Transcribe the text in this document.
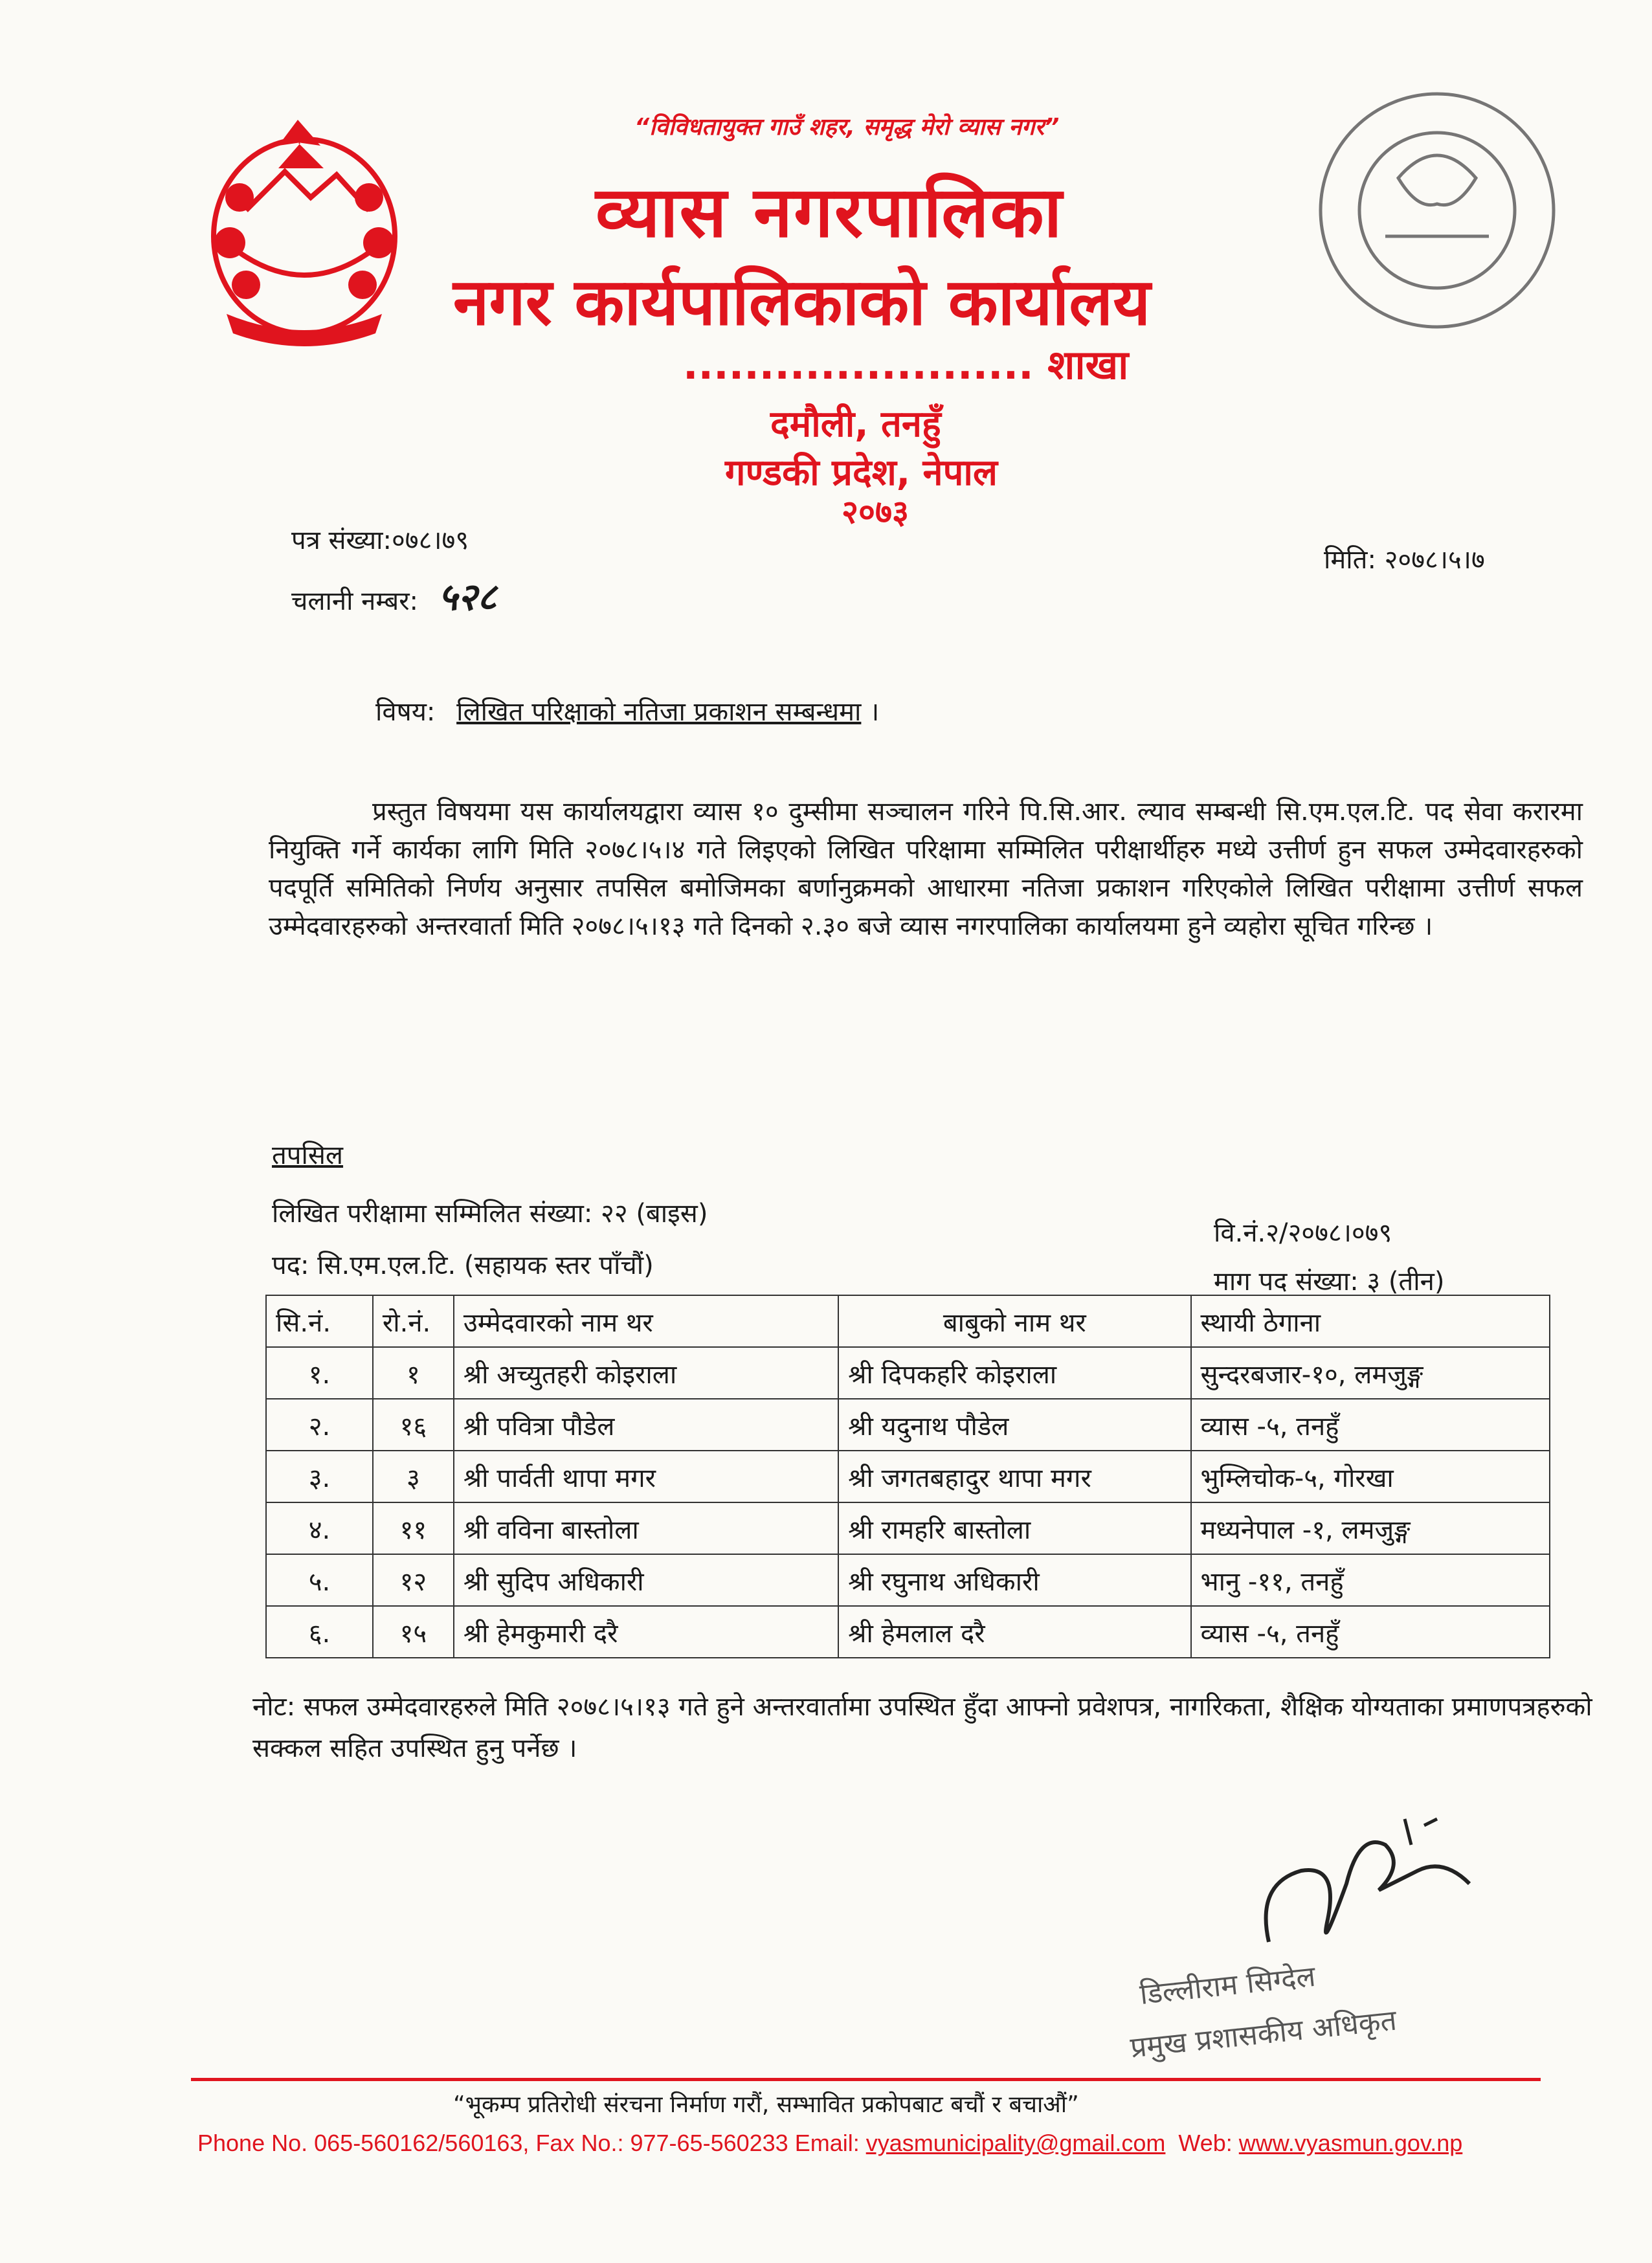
“विविधतायुक्त गाउँ शहर, समृद्ध मेरो व्यास नगर”
व्यास नगरपालिका
नगर कार्यपालिकाको कार्यालय
....................... शाखा
दमौली, तनहुँ
गण्डकी प्रदेश, नेपाल
२०७३
पत्र संख्या:०७८।७९
चलानी नम्बर: ५२८
मिति: २०७८।५।७
विषय: लिखित परिक्षाको नतिजा प्रकाशन सम्बन्धमा ।
प्रस्तुत विषयमा यस कार्यालयद्वारा व्यास १० दुम्सीमा सञ्चालन गरिने पि.सि.आर. ल्याव सम्बन्धी सि.एम.एल.टि. पद सेवा करारमा नियुक्ति गर्ने कार्यका लागि मिति २०७८।५।४ गते लिइएको लिखित परिक्षामा सम्मिलित परीक्षार्थीहरु मध्ये उत्तीर्ण हुन सफल उम्मेदवारहरुको पदपूर्ति समितिको निर्णय अनुसार तपसिल बमोजिमका बर्णानुक्रमको आधारमा नतिजा प्रकाशन गरिएकोले लिखित परीक्षामा उत्तीर्ण सफल उम्मेदवारहरुको अन्तरवार्ता मिति २०७८।५।१३ गते दिनको २.३० बजे व्यास नगरपालिका कार्यालयमा हुने व्यहोरा सूचित गरिन्छ ।
तपसिल
लिखित परीक्षामा सम्मिलित संख्या: २२ (बाइस)
पद: सि.एम.एल.टि. (सहायक स्तर पाँचौं)
वि.नं.२/२०७८।०७९
माग पद संख्या: ३ (तीन)
सि.नं.	रो.नं.	उम्मेदवारको नाम थर	बाबुको नाम थर	स्थायी ठेगाना
१.	१	श्री अच्युतहरी कोइराला	श्री दिपकहरि कोइराला	सुन्दरबजार-१०, लमजुङ्ग
२.	१६	श्री पवित्रा पौडेल	श्री यदुनाथ पौडेल	व्यास -५, तनहुँ
३.	३	श्री पार्वती थापा मगर	श्री जगतबहादुर थापा मगर	भुम्लिचोक-५, गोरखा
४.	११	श्री वविना बास्तोला	श्री रामहरि बास्तोला	मध्यनेपाल -१, लमजुङ्ग
५.	१२	श्री सुदिप अधिकारी	श्री रघुनाथ अधिकारी	भानु -११, तनहुँ
६.	१५	श्री हेमकुमारी दरै	श्री हेमलाल दरै	व्यास -५, तनहुँ
नोट: सफल उम्मेदवारहरुले मिति २०७८।५।१३ गते हुने अन्तरवार्तामा उपस्थित हुँदा आफ्नो प्रवेशपत्र, नागरिकता, शैक्षिक योग्यताका प्रमाणपत्रहरुको सक्कल सहित उपस्थित हुनु पर्नेछ ।
डिल्लीराम सिग्देल
प्रमुख प्रशासकीय अधिकृत
“भूकम्प प्रतिरोधी संरचना निर्माण गरौं, सम्भावित प्रकोपबाट बचौं र बचाऔं”
Phone No. 065-560162/560163, Fax No.: 977-65-560233 Email: vyasmunicipality@gmail.com  Web: www.vyasmun.gov.np
